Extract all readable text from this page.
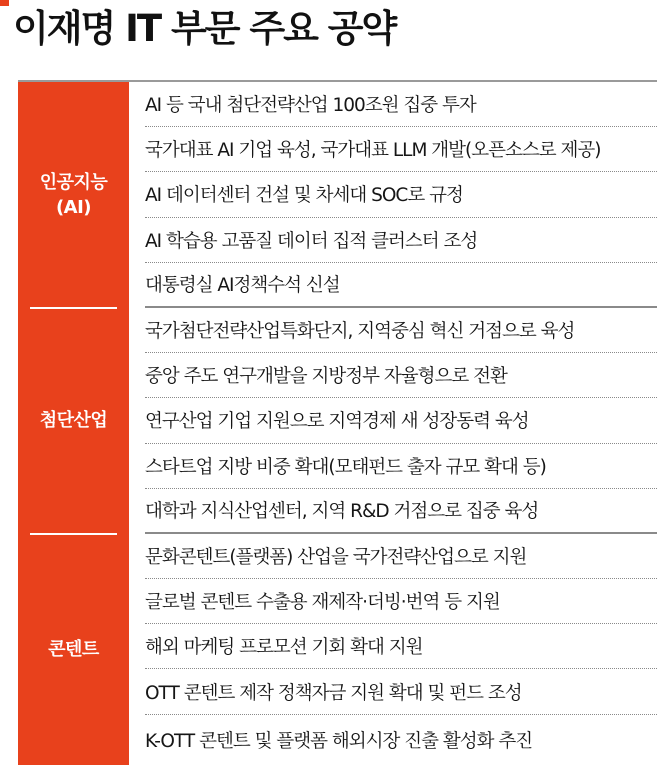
이재명 IT 부문 주요 공약
인공지능
(AI)
AI 등 국내 첨단전략산업 100조원 집중 투자
국가대표 AI 기업 육성, 국가대표 LLM 개발(오픈소스로 제공)
AI 데이터센터 건설 및 차세대 SOC로 규정
AI 학습용 고품질 데이터 집적 클러스터 조성
대통령실 AI정책수석 신설
첨단산업
국가첨단전략산업특화단지, 지역중심 혁신 거점으로 육성
중앙 주도 연구개발을 지방정부 자율형으로 전환
연구산업 기업 지원으로 지역경제 새 성장동력 육성
스타트업 지방 비중 확대(모태펀드 출자 규모 확대 등)
대학과 지식산업센터, 지역 R&D 거점으로 집중 육성
콘텐트
문화콘텐트(플랫폼) 산업을 국가전략산업으로 지원
글로벌 콘텐트 수출용 재제작·더빙·번역 등 지원
해외 마케팅 프로모션 기회 확대 지원
OTT 콘텐트 제작 정책자금 지원 확대 및 펀드 조성
K-OTT 콘텐트 및 플랫폼 해외시장 진출 활성화 추진
